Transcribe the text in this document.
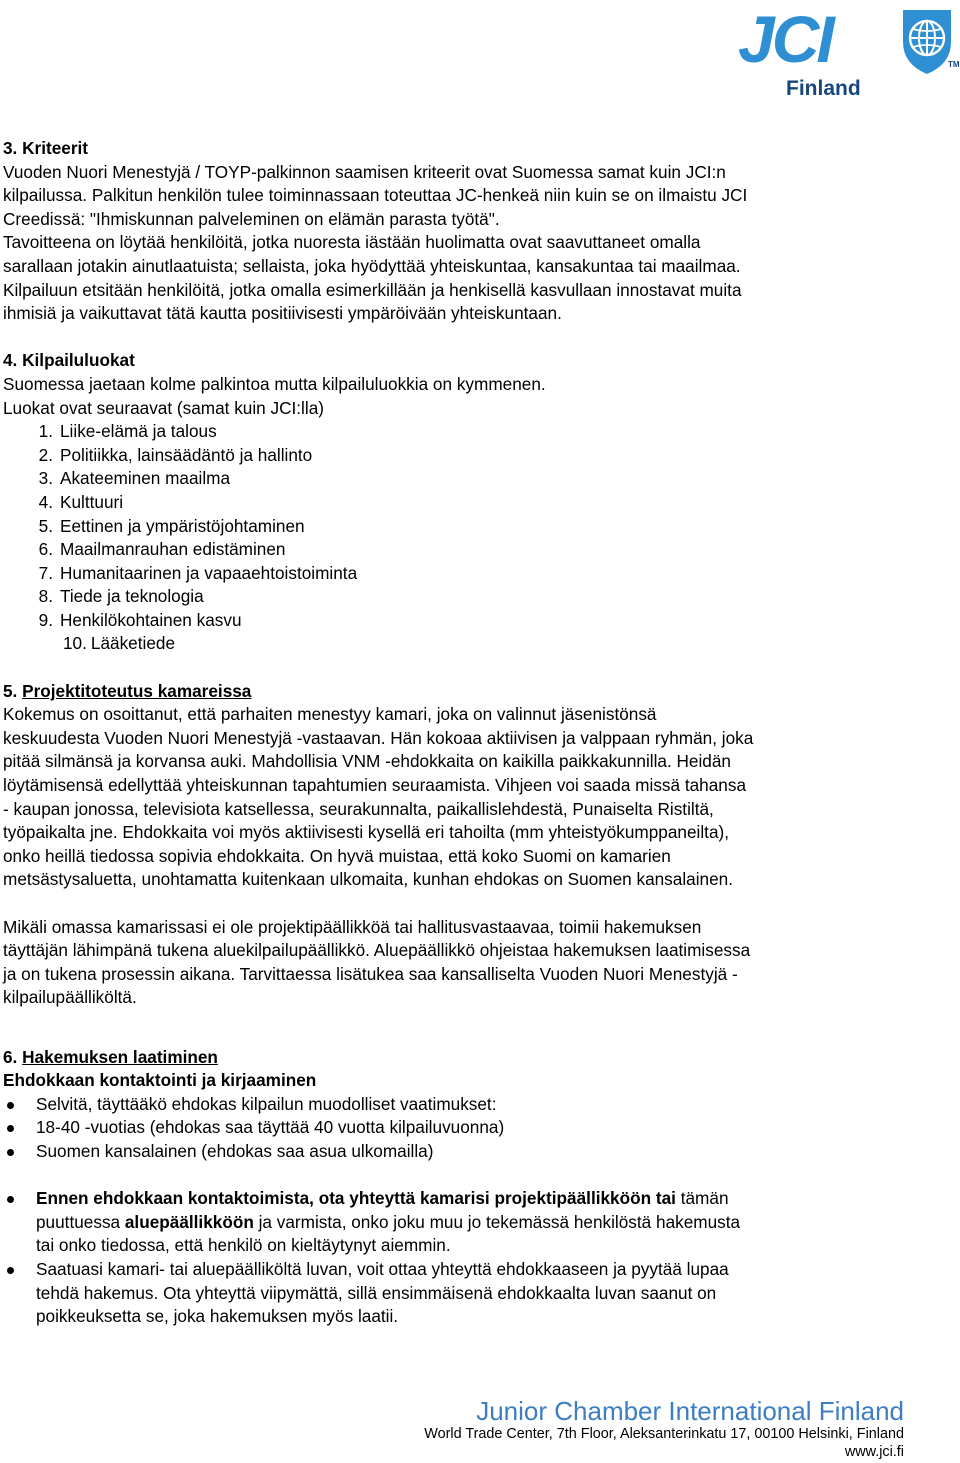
JCI
Finland
TM

3. Kriteerit

Vuoden Nuori Menestyjä / TOYP-palkinnon saamisen kriteerit ovat Suomessa samat kuin JCI:n

kilpailussa. Palkitun henkilön tulee toiminnassaan toteuttaa JC-henkeä niin kuin se on ilmaistu JCI

Creedissä: "Ihmiskunnan palveleminen on elämän parasta työtä".

Tavoitteena on löytää henkilöitä, jotka nuoresta iästään huolimatta ovat saavuttaneet omalla

sarallaan jotakin ainutlaatuista; sellaista, joka hyödyttää yhteiskuntaa, kansakuntaa tai maailmaa.

Kilpailuun etsitään henkilöitä, jotka omalla esimerkillään ja henkisellä kasvullaan innostavat muita

ihmisiä ja vaikuttavat tätä kautta positiivisesti ympäröivään yhteiskuntaan.

4. Kilpailuluokat

Suomessa jaetaan kolme palkintoa mutta kilpailuluokkia on kymmenen.

Luokat ovat seuraavat (samat kuin JCI:lla)

1. Liike-elämä ja talous
2. Politiikka, lainsäädäntö ja hallinto
3. Akateeminen maailma
4. Kulttuuri
5. Eettinen ja ympäristöjohtaminen
6. Maailmanrauhan edistäminen
7. Humanitaarinen ja vapaaehtoistoiminta
8. Tiede ja teknologia
9. Henkilökohtainen kasvu
10. Lääketiede

5. Projektitoteutus kamareissa

Kokemus on osoittanut, että parhaiten menestyy kamari, joka on valinnut jäsenistönsä

keskuudesta Vuoden Nuori Menestyjä -vastaavan. Hän kokoaa aktiivisen ja valppaan ryhmän, joka

pitää silmänsä ja korvansa auki. Mahdollisia VNM -ehdokkaita on kaikilla paikkakunnilla. Heidän

löytämisensä edellyttää yhteiskunnan tapahtumien seuraamista. Vihjeen voi saada missä tahansa

- kaupan jonossa, televisiota katsellessa, seurakunnalta, paikallislehdestä, Punaiselta Ristiltä,

työpaikalta jne. Ehdokkaita voi myös aktiivisesti kysellä eri tahoilta (mm yhteistyökumppaneilta),

onko heillä tiedossa sopivia ehdokkaita. On hyvä muistaa, että koko Suomi on kamarien

metsästysaluetta, unohtamatta kuitenkaan ulkomaita, kunhan ehdokas on Suomen kansalainen.

Mikäli omassa kamarissasi ei ole projektipäällikköä tai hallitusvastaavaa, toimii hakemuksen

täyttäjän lähimpänä tukena aluekilpailupäällikkö. Aluepäällikkö ohjeistaa hakemuksen laatimisessa

ja on tukena prosessin aikana. Tarvittaessa lisätukea saa kansalliselta Vuoden Nuori Menestyjä -

kilpailupäälliköltä.

6. Hakemuksen laatiminen

Ehdokkaan kontaktointi ja kirjaaminen

Selvitä, täyttääkö ehdokas kilpailun muodolliset vaatimukset:
18-40 -vuotias (ehdokas saa täyttää 40 vuotta kilpailuvuonna)
Suomen kansalainen (ehdokas saa asua ulkomailla)
Ennen ehdokkaan kontaktoimista, ota yhteyttä kamarisi projektipäällikköön tai tämän
puuttuessa aluepäällikköön ja varmista, onko joku muu jo tekemässä henkilöstä hakemusta
tai onko tiedossa, että henkilö on kieltäytynyt aiemmin.
Saatuasi kamari- tai aluepäälliköltä luvan, voit ottaa yhteyttä ehdokkaaseen ja pyytää lupaa
tehdä hakemus. Ota yhteyttä viipymättä, sillä ensimmäisenä ehdokkaalta luvan saanut on
poikkeuksetta se, joka hakemuksen myös laatii.
Junior Chamber International Finland
World Trade Center, 7th Floor, Aleksanterinkatu 17, 00100 Helsinki, Finland
www.jci.fi
